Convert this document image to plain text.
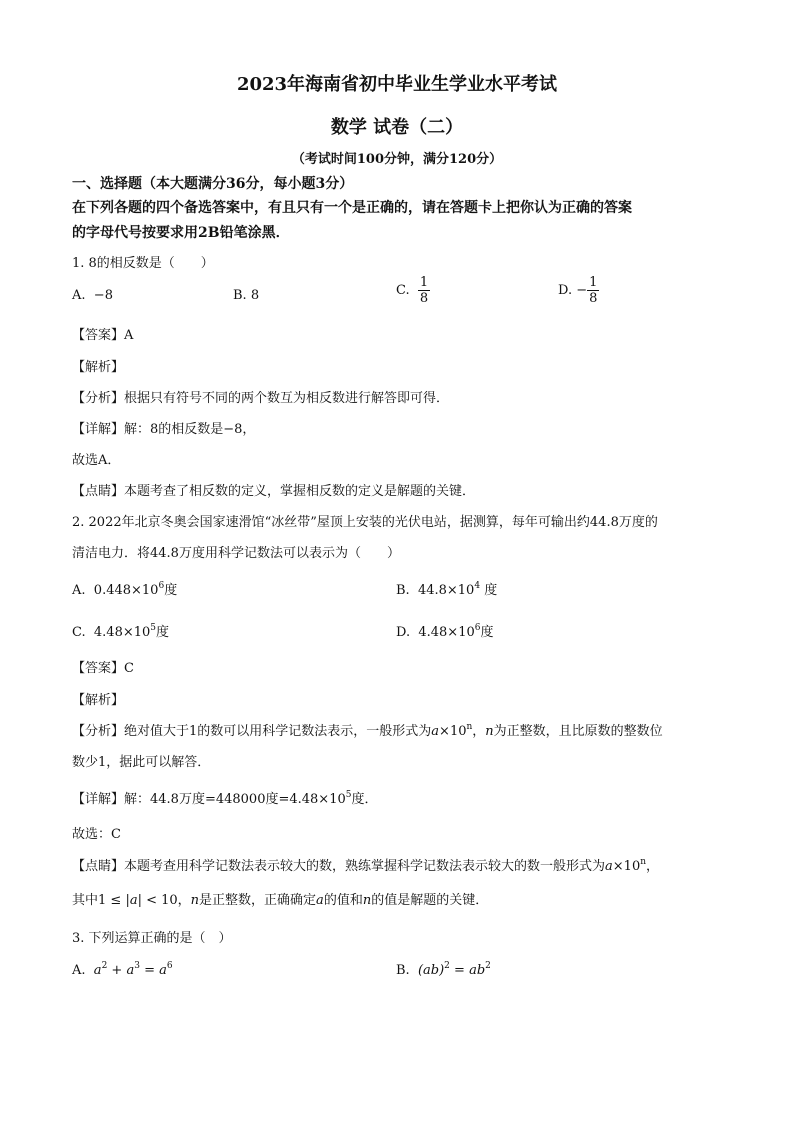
2023年海南省初中毕业生学业水平考试
数学 试卷（二）
（考试时间100分钟，满分120分）
一、选择题（本大题满分36分，每小题3分）
在下列各题的四个备选答案中，有且只有一个是正确的，请在答题卡上把你认为正确的答案
的字母代号按要求用2B铅笔涂黑．
1. 8的相反数是（　　）
A. −8	B. 8	C. $\frac{1}{8}$	D. − $\frac{1}{8}$
【答案】A
【解析】
【分析】根据只有符号不同的两个数互为相反数进行解答即可得．
【详解】解：8的相反数是−8，
故选A．
【点睛】本题考查了相反数的定义，掌握相反数的定义是解题的关键．
2. 2022年北京冬奥会国家速滑馆“冰丝带”屋顶上安装的光伏电站，据测算，每年可输出约44.8万度的
清洁电力．将44.8万度用科学记数法可以表示为（　　）
A. $0.448\times 10^6$度	B. $44.8\times 10^4$ 度
C. $4.48\times 10^5$度	D. $4.48\times 10^6$度
【答案】C
【解析】
【分析】绝对值大于1的数可以用科学记数法表示，一般形式为$a\times 10^n$，n为正整数，且比原数的整数位
数少1，据此可以解答．
【详解】解：44.8万度=448000度$=4.48\times 10^5$度．
故选：C
【点睛】本题考查用科学记数法表示较大的数，熟练掌握科学记数法表示较大的数一般形式为$a\times 10^n$，
其中1 ≤ |a| < 10，n是正整数，正确确定a的值和n的值是解题的关键．
3. 下列运算正确的是（　）
A. $a^2 + a^3 = a^6$	B. $(ab)^2 = ab^2$
